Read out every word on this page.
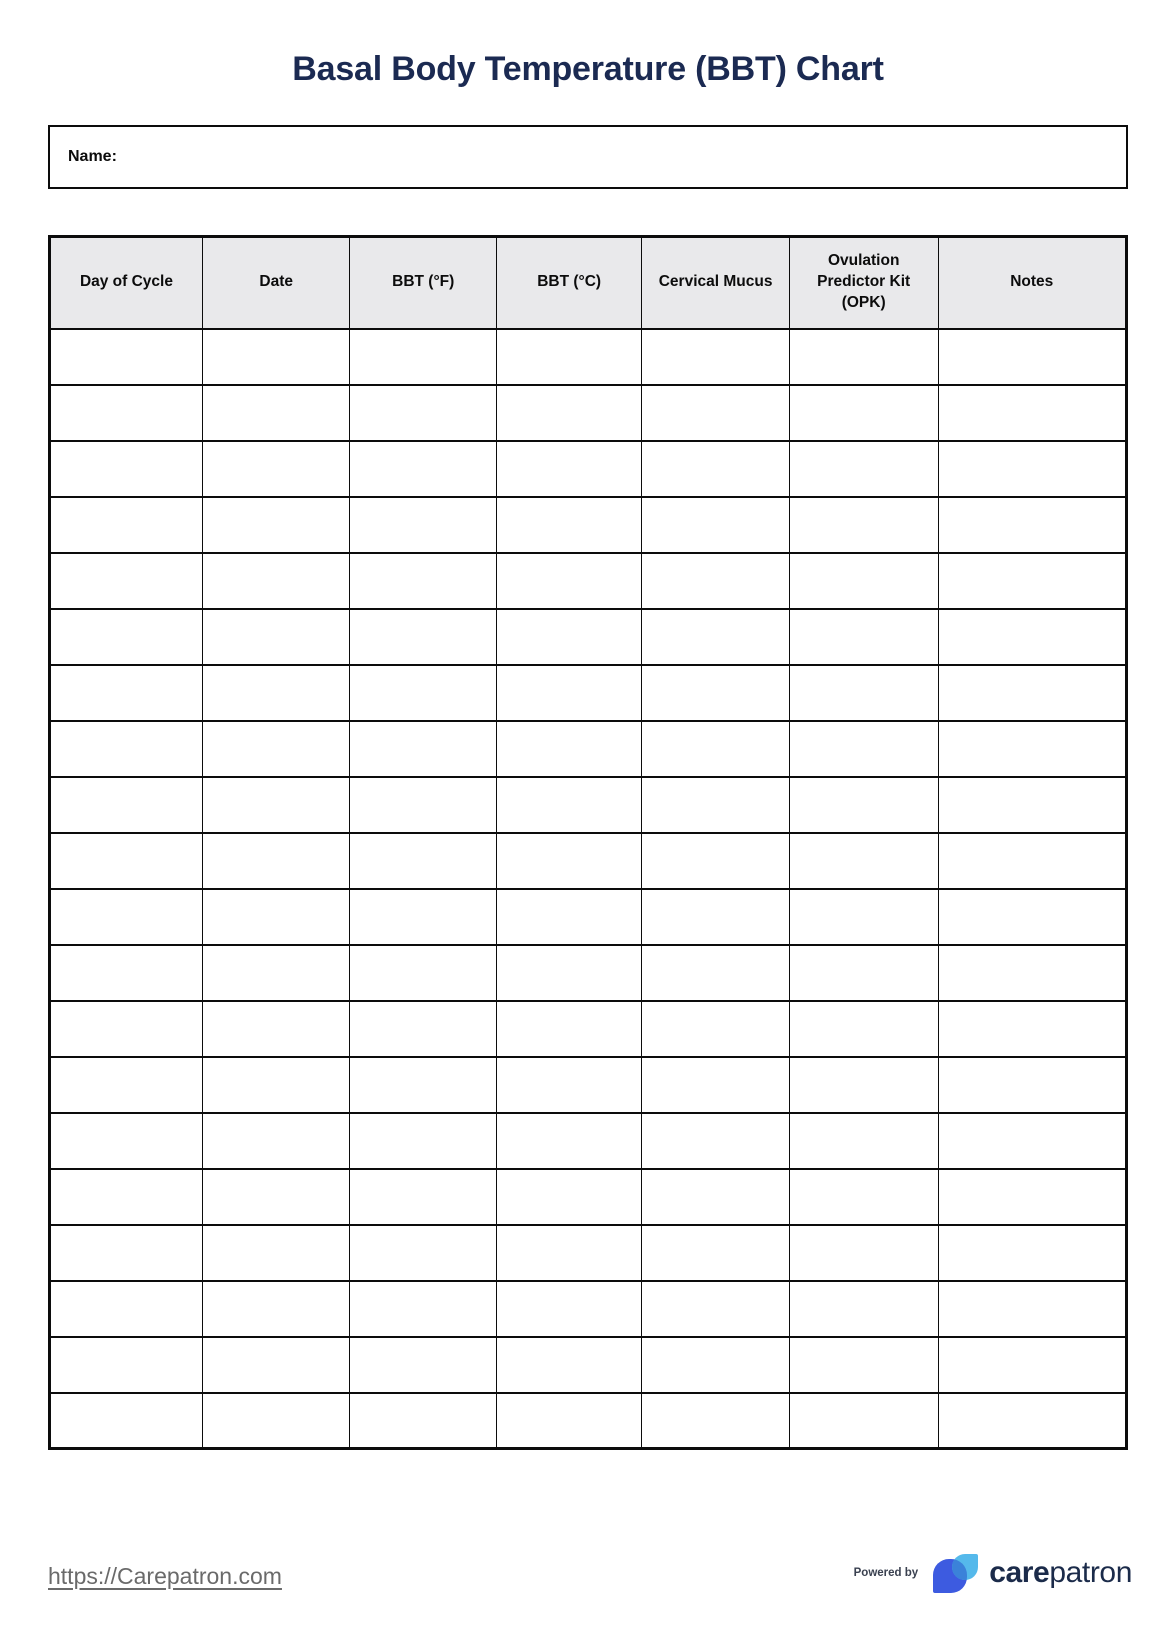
Basal Body Temperature (BBT) Chart
Name:
Day of Cycle	Date	BBT (°F)	BBT (°C)	Cervical Mucus	Ovulation Predictor Kit (OPK)	Notes

https://Carepatron.com	Powered by carepatron
